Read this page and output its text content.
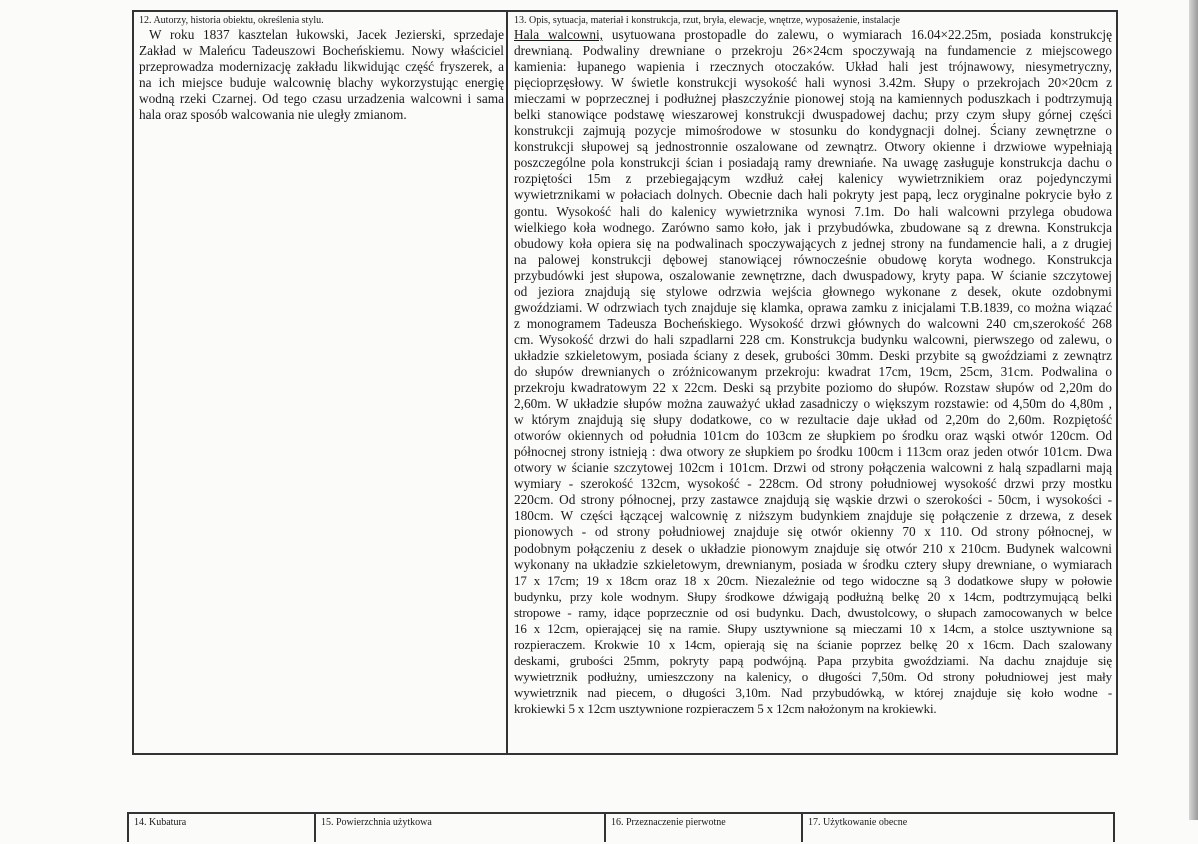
12. Autorzy, historia obiektu, określenia stylu.
W roku 1837 kasztelan łukowski, Jacek Jezierski, sprzedaje
Zakład w Maleńcu Tadeuszowi Bocheńskiemu. Nowy właściciel
przeprowadza modernizację zakładu likwidując część fryszerek, a
na ich miejsce buduje walcownię blachy wykorzystując energię
wodną rzeki Czarnej. Od tego czasu urzadzenia walcowni i sama
hala oraz sposób walcowania nie uległy zmianom.
13. Opis, sytuacja, materiał i konstrukcja, rzut, bryła, elewacje, wnętrze, wyposażenie, instalacje
Hala walcowni, usytuowana prostopadle do zalewu, o wymiarach 16.04×22.25m, posiada konstrukcję
drewnianą. Podwaliny drewniane o przekroju 26×24cm spoczywają na fundamencie z miejscowego
kamienia: łupanego wapienia i rzecznych otoczaków. Układ hali jest trójnawowy, niesymetryczny,
pięcioprzęsłowy. W świetle konstrukcji wysokość hali wynosi 3.42m. Słupy o przekrojach 20×20cm z
mieczami w poprzecznej i podłużnej płaszczyźnie pionowej stoją na kamiennych poduszkach i podtrzymują
belki stanowiące podstawę wieszarowej konstrukcji dwuspadowej dachu; przy czym słupy górnej części
konstrukcji zajmują pozycje mimośrodowe w stosunku do kondygnacji dolnej. Ściany zewnętrzne o
konstrukcji słupowej są jednostronnie oszalowane od zewnątrz. Otwory okienne i drzwiowe wypełniają
poszczególne pola konstrukcji ścian i posiadają ramy drewniańe. Na uwagę zasługuje konstrukcja dachu o
rozpiętości 15m z przebiegającym wzdłuż całej kalenicy wywietrznikiem oraz pojedynczymi
wywietrznikami w połaciach dolnych. Obecnie dach hali pokryty jest papą, lecz oryginalne pokrycie było z
gontu. Wysokość hali do kalenicy wywietrznika wynosi 7.1m. Do hali walcowni przylega obudowa
wielkiego koła wodnego. Zarówno samo koło, jak i przybudówka, zbudowane są z drewna. Konstrukcja
obudowy koła opiera się na podwalinach spoczywających z jednej strony na fundamencie hali, a z drugiej
na palowej konstrukcji dębowej stanowiącej równocześnie obudowę koryta wodnego. Konstrukcja
przybudówki jest słupowa, oszalowanie zewnętrzne, dach dwuspadowy, kryty papa. W ścianie szczytowej
od jeziora znajdują się stylowe odrzwia wejścia głownego wykonane z desek, okute ozdobnymi
gwoździami. W odrzwiach tych znajduje się klamka, oprawa zamku z inicjalami T.B.1839, co można wiązać
z monogramem Tadeusza Bocheńskiego. Wysokość drzwi głównych do walcowni 240 cm,szerokość 268
cm. Wysokość drzwi do hali szpadlarni 228 cm. Konstrukcja budynku walcowni, pierwszego od zalewu, o
układzie szkieletowym, posiada ściany z desek, grubości 30mm. Deski przybite są gwoździami z zewnątrz
do słupów drewnianych o zróżnicowanym przekroju: kwadrat 17cm, 19cm, 25cm, 31cm. Podwalina o
przekroju kwadratowym 22 x 22cm. Deski są przybite poziomo do słupów. Rozstaw słupów od 2,20m do
2,60m. W układzie słupów można zauważyć układ zasadniczy o większym rozstawie: od 4,50m do 4,80m ,
w którym znajdują się słupy dodatkowe, co w rezultacie daje układ od 2,20m do 2,60m. Rozpiętość
otworów okiennych od południa 101cm do 103cm ze słupkiem po środku oraz wąski otwór 120cm. Od
północnej strony istnieją : dwa otwory ze słupkiem po środku 100cm i 113cm oraz jeden otwór 101cm. Dwa
otwory w ścianie szczytowej 102cm i 101cm. Drzwi od strony połączenia walcowni z halą szpadlarni mają
wymiary - szerokość 132cm, wysokość - 228cm. Od strony południowej wysokość drzwi przy mostku
220cm. Od strony północnej, przy zastawce znajdują się wąskie drzwi o szerokości - 50cm, i wysokości -
180cm. W części łączącej walcownię z niższym budynkiem znajduje się połączenie z drzewa, z desek
pionowych - od strony południowej znajduje się otwór okienny 70 x 110. Od strony północnej, w
podobnym połączeniu z desek o układzie pionowym znajduje się otwór 210 x 210cm. Budynek walcowni
wykonany na układzie szkieletowym, drewnianym, posiada w środku cztery słupy drewniane, o wymiarach
17 x 17cm; 19 x 18cm oraz 18 x 20cm. Niezależnie od tego widoczne są 3 dodatkowe słupy w połowie
budynku, przy kole wodnym. Słupy środkowe dźwigają podłużną belkę 20 x 14cm, podtrzymującą belki
stropowe - ramy, idące poprzecznie od osi budynku. Dach, dwustolcowy, o słupach zamocowanych w belce
16 x 12cm, opierającej się na ramie. Słupy usztywnione są mieczami 10 x 14cm, a stolce usztywnione są
rozpieraczem. Krokwie 10 x 14cm, opierają się na ścianie poprzez belkę 20 x 16cm. Dach szalowany
deskami, grubości 25mm, pokryty papą podwójną. Papa przybita gwoździami. Na dachu znajduje się
wywietrznik podłużny, umieszczony na kalenicy, o długości 7,50m. Od strony południowej jest mały
wywietrznik nad piecem, o długości 3,10m. Nad przybudówką, w której znajduje się koło wodne -
krokiewki 5 x 12cm usztywnione rozpieraczem 5 x 12cm nałożonym na krokiewki.
14. Kubatura	15. Powierzchnia użytkowa	16. Przeznaczenie pierwotne	17. Użytkowanie obecne
